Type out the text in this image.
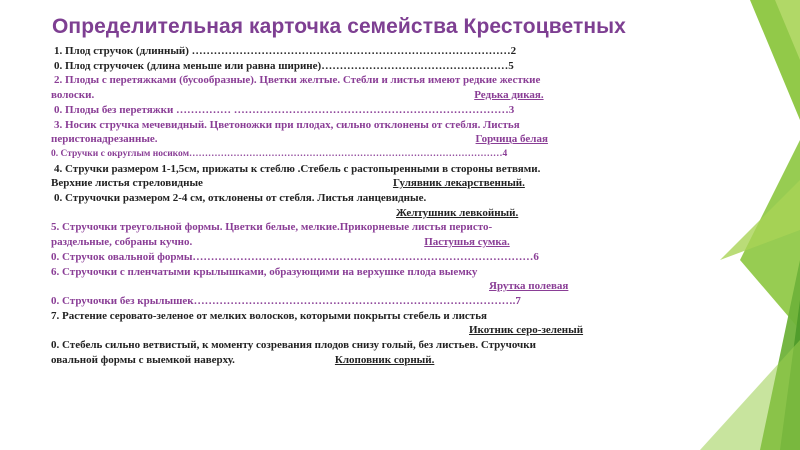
Определительная карточка семейства Крестоцветных
1. Плод стручок (длинный) ……………………………………………………………………………2
0. Плод стручочек (длина меньше или равна ширине)……………………………………………5
2. Плоды с перетяжками (бусообразные). Цветки желтые. Стебли и листья имеют редкие жесткие
волоски.	Редька дикая.
0. Плоды без перетяжки …………… …………………………………………………………………3
3. Носик стручка мечевидный. Цветоножки при плодах, сильно отклонены от стебля. Листья
перистонадрезанные.	Горчица белая
0. Стручки с округлым носиком………………………………………………………………………………………4
4. Стручки размером 1-1,5см, прижаты к стеблю .Стебель с растопыренными в стороны ветвями.
Верхние листья стреловидные	Гулявник лекарственный.
0. Стручочки размером 2-4 см, отклонены от стебля. Листья ланцевидные.
Желтушник левкойный.
5. Стручочки треугольной формы. Цветки белые, мелкие.Прикорневые листья перисто-
раздельные, собраны кучно.	Пастушья сумка.
0. Стручок овальной формы…………………………………………………………………………………6
6. Стручочки с пленчатыми крылышками, образующими на верхушке плода выемку
Ярутка полевая
0. Стручочки без крылышек…………………………………………………………………………….7
7. Растение серовато-зеленое от мелких волосков, которыми покрыты стебель и листья
Икотник серо-зеленый
0. Стебель сильно ветвистый, к моменту созревания плодов снизу голый, без листьев. Стручочки
овальной формы с выемкой наверху.	Клоповник сорный.
